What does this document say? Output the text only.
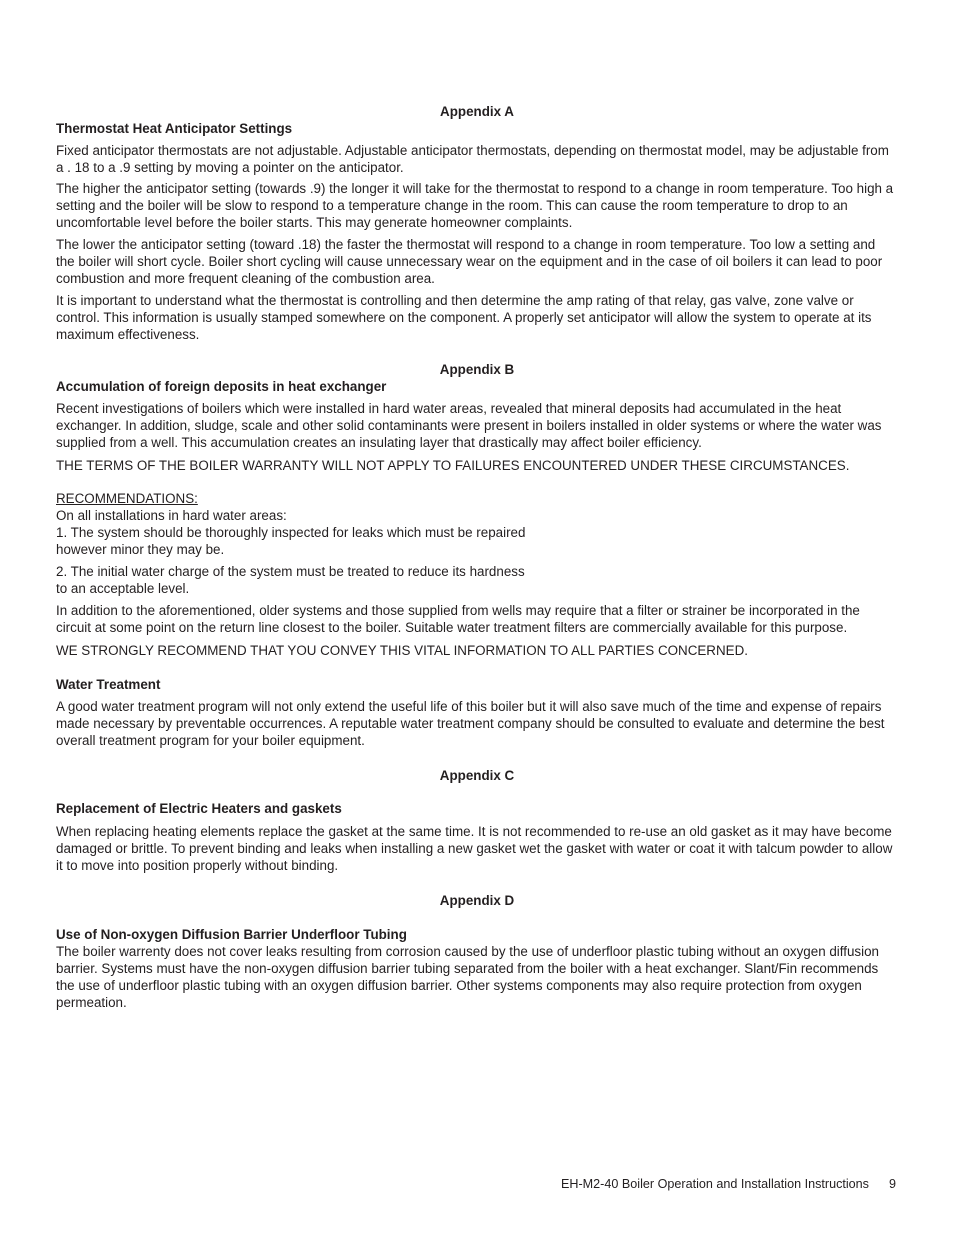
Appendix A

Thermostat Heat Anticipator Settings

Fixed anticipator thermostats are not adjustable. Adjustable anticipator thermostats, depending on thermostat model, may be adjustable from a . 18 to a .9 setting by moving a pointer on the anticipator.

The higher the anticipator setting (towards .9) the longer it will take for the thermostat to respond to a change in room temperature. Too high a setting and the boiler will be slow to respond to a temperature change in the room. This can cause the room temperature to drop to an uncomfortable level before the boiler starts. This may generate homeowner complaints.

The lower the anticipator setting (toward .18) the faster the thermostat will respond to a change in room temperature. Too low a setting and the boiler will short cycle. Boiler short cycling will cause unnecessary wear on the equipment and in the case of oil boilers it can lead to poor combustion and more frequent cleaning of the combustion area.

It is important to understand what the thermostat is controlling and then determine the amp rating of that relay, gas valve, zone valve or control. This information is usually stamped somewhere on the component. A properly set anticipator will allow the system to operate at its maximum effectiveness.

Appendix B

Accumulation of foreign deposits in heat exchanger

Recent investigations of boilers which were installed in hard water areas, revealed that mineral deposits had accumulated in the heat exchanger. In addition, sludge, scale and other solid contaminants were present in boilers installed in older systems or where the water was supplied from a well. This accumulation creates an insulating layer that drastically may affect boiler efficiency.

THE TERMS OF THE BOILER WARRANTY WILL NOT APPLY TO FAILURES ENCOUNTERED UNDER THESE CIRCUMSTANCES.

RECOMMENDATIONS:

On all installations in hard water areas:

1. The system should be thoroughly inspected for leaks which must be repaired

however minor they may be.

2. The initial water charge of the system must be treated to reduce its hardness

to an acceptable level.

In addition to the aforementioned, older systems and those supplied from wells may require that a filter or strainer be incorporated in the circuit at some point on the return line closest to the boiler. Suitable water treatment filters are commercially available for this purpose.

WE STRONGLY RECOMMEND THAT YOU CONVEY THIS VITAL INFORMATION TO ALL PARTIES CONCERNED.

Water Treatment

A good water treatment program will not only extend the useful life of this boiler but it will also save much of the time and expense of repairs made necessary by preventable occurrences. A reputable water treatment company should be consulted to evaluate and determine the best overall treatment program for your boiler equipment.

Appendix C

Replacement of Electric Heaters and gaskets

When replacing heating elements replace the gasket at the same time. It is not recommended to re-use an old gasket as it may have become damaged or brittle. To prevent binding and leaks when installing a new gasket wet the gasket with water or coat it with talcum powder to allow it to move into position properly without binding.

Appendix D

Use of Non-oxygen Diffusion Barrier Underfloor Tubing

The boiler warrenty does not cover leaks resulting from corrosion caused by the use of underfloor plastic tubing without an oxygen diffusion barrier. Systems must have the non-oxygen diffusion barrier tubing separated from the boiler with a heat exchanger. Slant/Fin recommends the use of underfloor plastic tubing with an oxygen diffusion barrier. Other systems components may also require protection from oxygen permeation.

EH-M2-40 Boiler Operation and Installation Instructions 9
